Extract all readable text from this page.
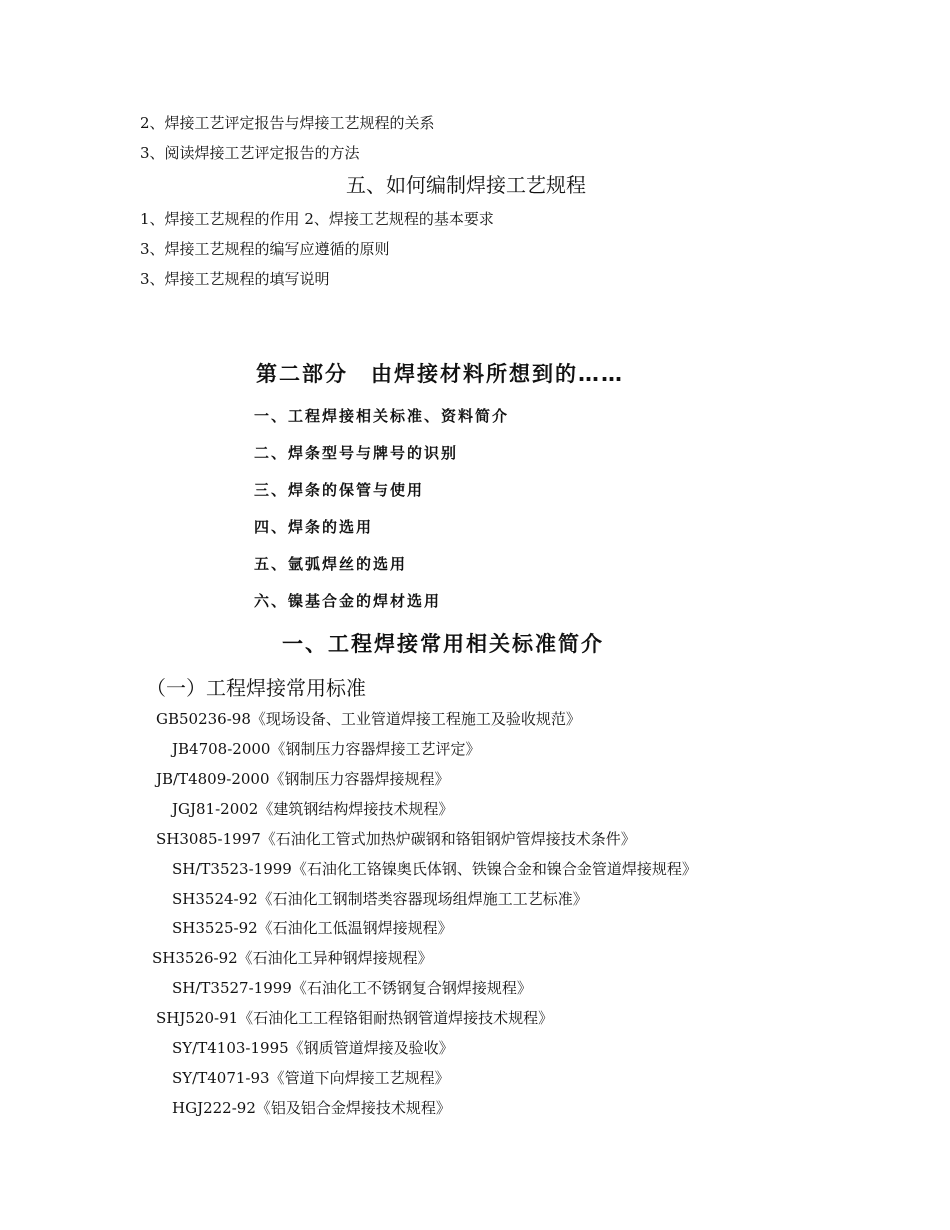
2、焊接工艺评定报告与焊接工艺规程的关系
3、阅读焊接工艺评定报告的方法
五、如何编制焊接工艺规程
1、焊接工艺规程的作用 2、焊接工艺规程的基本要求
3、焊接工艺规程的编写应遵循的原则
3、焊接工艺规程的填写说明
第二部分　由焊接材料所想到的……
一、工程焊接相关标准、资料简介
二、焊条型号与牌号的识别
三、焊条的保管与使用
四、焊条的选用
五、氩弧焊丝的选用
六、镍基合金的焊材选用
一、工程焊接常用相关标准简介
（一）工程焊接常用标准
GB50236-98《现场设备、工业管道焊接工程施工及验收规范》
JB4708-2000《钢制压力容器焊接工艺评定》
JB/T4809-2000《钢制压力容器焊接规程》
JGJ81-2002《建筑钢结构焊接技术规程》
SH3085-1997《石油化工管式加热炉碳钢和铬钼钢炉管焊接技术条件》
SH/T3523-1999《石油化工铬镍奥氏体钢、铁镍合金和镍合金管道焊接规程》
SH3524-92《石油化工钢制塔类容器现场组焊施工工艺标准》
SH3525-92《石油化工低温钢焊接规程》
SH3526-92《石油化工异种钢焊接规程》
SH/T3527-1999《石油化工不锈钢复合钢焊接规程》
SHJ520-91《石油化工工程铬钼耐热钢管道焊接技术规程》
SY/T4103-1995《钢质管道焊接及验收》
SY/T4071-93《管道下向焊接工艺规程》
HGJ222-92《铝及铝合金焊接技术规程》
